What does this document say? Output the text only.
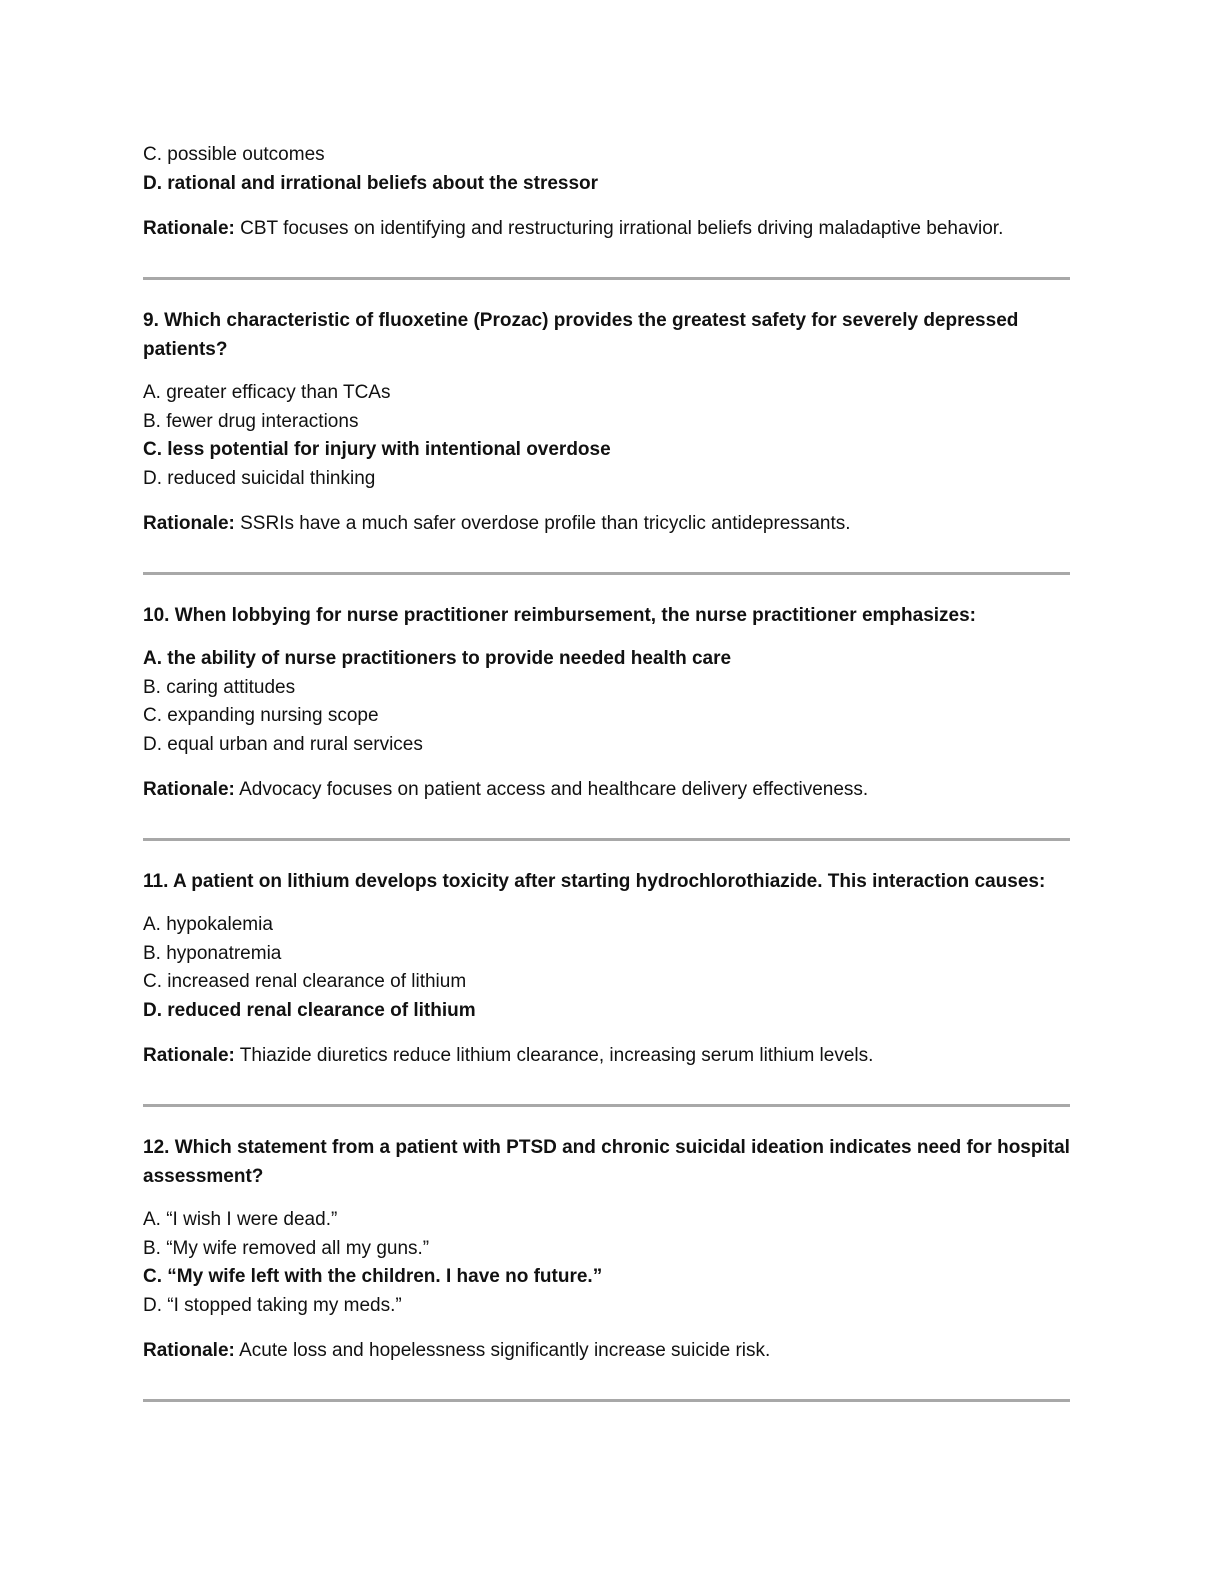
C. possible outcomes

D. rational and irrational beliefs about the stressor

Rationale: CBT focuses on identifying and restructuring irrational beliefs driving maladaptive behavior.

9. Which characteristic of fluoxetine (Prozac) provides the greatest safety for severely depressed patients?

A. greater efficacy than TCAs

B. fewer drug interactions

C. less potential for injury with intentional overdose

D. reduced suicidal thinking

Rationale: SSRIs have a much safer overdose profile than tricyclic antidepressants.

10. When lobbying for nurse practitioner reimbursement, the nurse practitioner emphasizes:

A. the ability of nurse practitioners to provide needed health care

B. caring attitudes

C. expanding nursing scope

D. equal urban and rural services

Rationale: Advocacy focuses on patient access and healthcare delivery effectiveness.

11. A patient on lithium develops toxicity after starting hydrochlorothiazide. This interaction causes:

A. hypokalemia

B. hyponatremia

C. increased renal clearance of lithium

D. reduced renal clearance of lithium

Rationale: Thiazide diuretics reduce lithium clearance, increasing serum lithium levels.

12. Which statement from a patient with PTSD and chronic suicidal ideation indicates need for hospital assessment?

A. “I wish I were dead.”

B. “My wife removed all my guns.”

C. “My wife left with the children. I have no future.”

D. “I stopped taking my meds.”

Rationale: Acute loss and hopelessness significantly increase suicide risk.
